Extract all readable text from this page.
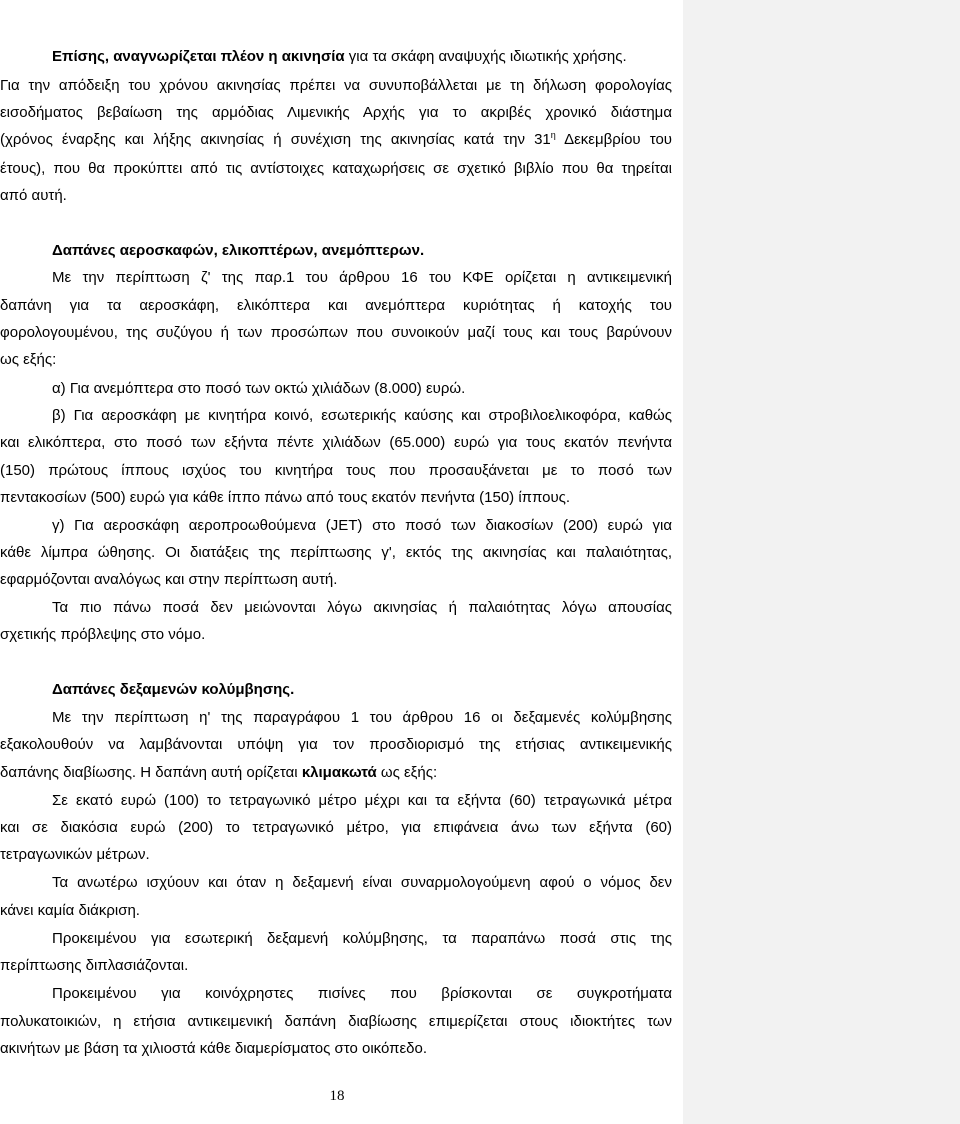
Επίσης, αναγνωρίζεται πλέον η ακινησία για τα σκάφη αναψυχής ιδιωτικής χρήσης.
Για την απόδειξη του χρόνου ακινησίας πρέπει να συνυποβάλλεται με τη δήλωση φορολογίας
εισοδήματος βεβαίωση της αρμόδιας Λιμενικής Αρχής για το ακριβές χρονικό διάστημα
(χρόνος έναρξης και λήξης ακινησίας ή συνέχιση της ακινησίας κατά την $31^\eta$ Δεκεμβρίου του
έτους), που θα προκύπτει από τις αντίστοιχες καταχωρήσεις σε σχετικό βιβλίο που θα τηρείται
από αυτή.
Δαπάνες αεροσκαφών, ελικοπτέρων, ανεμόπτερων.
Με την περίπτωση ζ' της παρ.1 του άρθρου 16 του ΚΦΕ ορίζεται η αντικειμενική
δαπάνη για τα αεροσκάφη, ελικόπτερα και ανεμόπτερα κυριότητας ή κατοχής του
φορολογουμένου, της συζύγου ή των προσώπων που συνοικούν μαζί τους και τους βαρύνουν
ως εξής:
α) Για ανεμόπτερα στο ποσό των οκτώ χιλιάδων (8.000) ευρώ.
β) Για αεροσκάφη με κινητήρα κοινό, εσωτερικής καύσης και στροβιλοελικοφόρα, καθώς
και ελικόπτερα, στο ποσό των εξήντα πέντε χιλιάδων (65.000) ευρώ για τους εκατόν πενήντα
(150) πρώτους ίππους ισχύος του κινητήρα τους που προσαυξάνεται με το ποσό των
πεντακοσίων (500) ευρώ για κάθε ίππο πάνω από τους εκατόν πενήντα (150) ίππους.
γ) Για αεροσκάφη αεροπροωθούμενα (JET) στο ποσό των διακοσίων (200) ευρώ για
κάθε λίμπρα ώθησης. Οι διατάξεις της περίπτωσης γ', εκτός της ακινησίας και παλαιότητας,
εφαρμόζονται αναλόγως και στην περίπτωση αυτή.
Τα πιο πάνω ποσά δεν μειώνονται λόγω ακινησίας ή παλαιότητας λόγω απουσίας
σχετικής πρόβλεψης στο νόμο.
Δαπάνες δεξαμενών κολύμβησης.
Με την περίπτωση η' της παραγράφου 1 του άρθρου 16 οι δεξαμενές κολύμβησης
εξακολουθούν να λαμβάνονται υπόψη για τον προσδιορισμό της ετήσιας αντικειμενικής
δαπάνης διαβίωσης. Η δαπάνη αυτή ορίζεται κλιμακωτά ως εξής:
Σε εκατό ευρώ (100) το τετραγωνικό μέτρο μέχρι και τα εξήντα (60) τετραγωνικά μέτρα
και σε διακόσια ευρώ (200) το τετραγωνικό μέτρο, για επιφάνεια άνω των εξήντα (60)
τετραγωνικών μέτρων.
Τα ανωτέρω ισχύουν και όταν η δεξαμενή είναι συναρμολογούμενη αφού ο νόμος δεν
κάνει καμία διάκριση.
Προκειμένου για εσωτερική δεξαμενή κολύμβησης, τα παραπάνω ποσά στις της
περίπτωσης διπλασιάζονται.
Προκειμένου για κοινόχρηστες πισίνες που βρίσκονται σε συγκροτήματα
πολυκατοικιών, η ετήσια αντικειμενική δαπάνη διαβίωσης επιμερίζεται στους ιδιοκτήτες των
ακινήτων με βάση τα χιλιοστά κάθε διαμερίσματος στο οικόπεδο.
18
